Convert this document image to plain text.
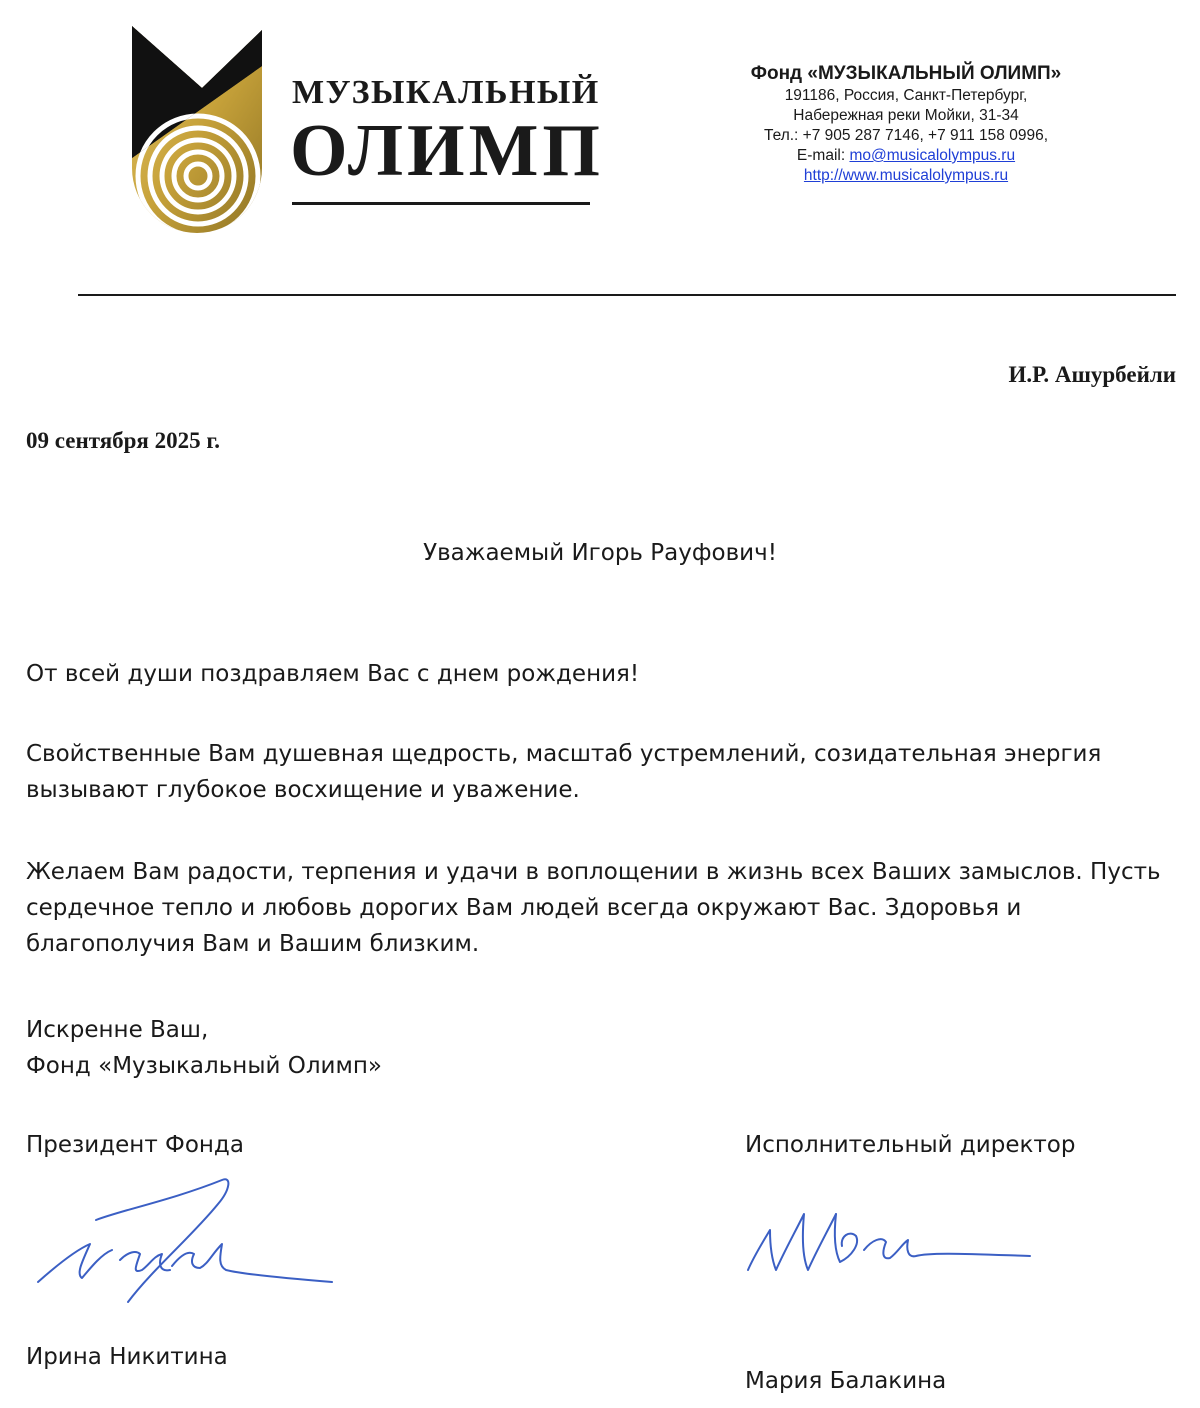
МУЗЫКАЛЬНЫЙ
ОЛИМП
Фонд «МУЗЫКАЛЬНЫЙ ОЛИМП»
191186, Россия, Санкт-Петербург,
Набережная реки Мойки, 31-34
Тел.: +7 905 287 7146, +7 911 158 0996,
E-mail: mo@musicalolympus.ru
http://www.musicalolympus.ru
И.Р. Ашурбейли
09 сентября 2025 г.
Уважаемый Игорь Рауфович!
От всей души поздравляем Вас с днем рождения!
Свойственные Вам душевная щедрость, масштаб устремлений, созидательная энергия вызывают глубокое восхищение и уважение.
Желаем Вам радости, терпения и удачи в воплощении в жизнь всех Ваших замыслов. Пусть сердечное тепло и любовь дорогих Вам людей всегда окружают Вас. Здоровья и благополучия Вам и Вашим близким.
Искренне Ваш,
Фонд «Музыкальный Олимп»
Президент Фонда	Исполнительный директор
Ирина Никитина
Мария Балакина
